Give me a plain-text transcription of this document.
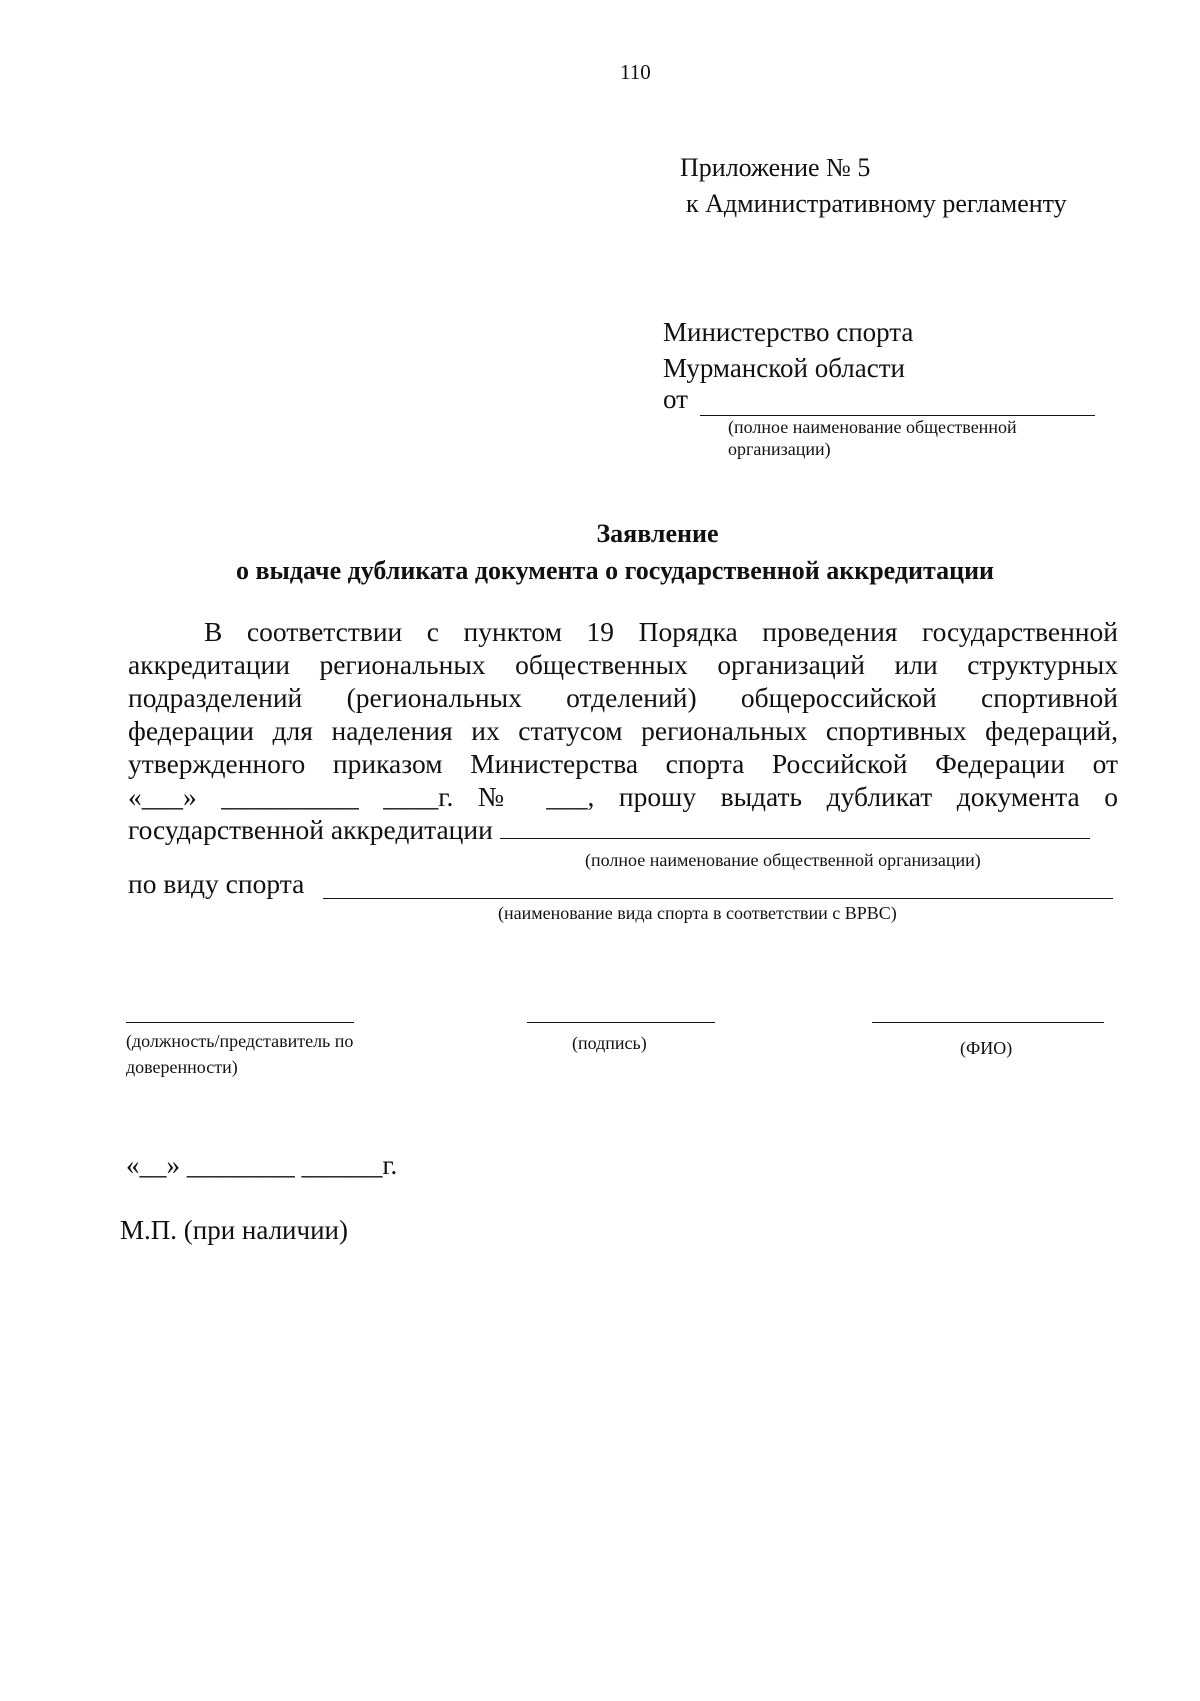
110
Приложение № 5
к Административному регламенту
Министерство спорта
Мурманской области
от
(полное наименование общественной организации)
Заявление
о выдаче дубликата документа о государственной аккредитации
В соответствии с пунктом 19 Порядка проведения государственной
аккредитации региональных общественных организаций или структурных
подразделений (региональных отделений) общероссийской спортивной
федерации для наделения их статусом региональных спортивных федераций,
утвержденного приказом Министерства спорта Российской Федерации от
«___» __________ ____г. № ___, прошу выдать дубликат документа о
государственной аккредитации
(полное наименование общественной организации)
по виду спорта
(наименование вида спорта в соответствии с ВРВС)
(должность/представитель по доверенности)
(подпись)	(ФИО)
«__» ________ ______г.
М.П. (при наличии)
